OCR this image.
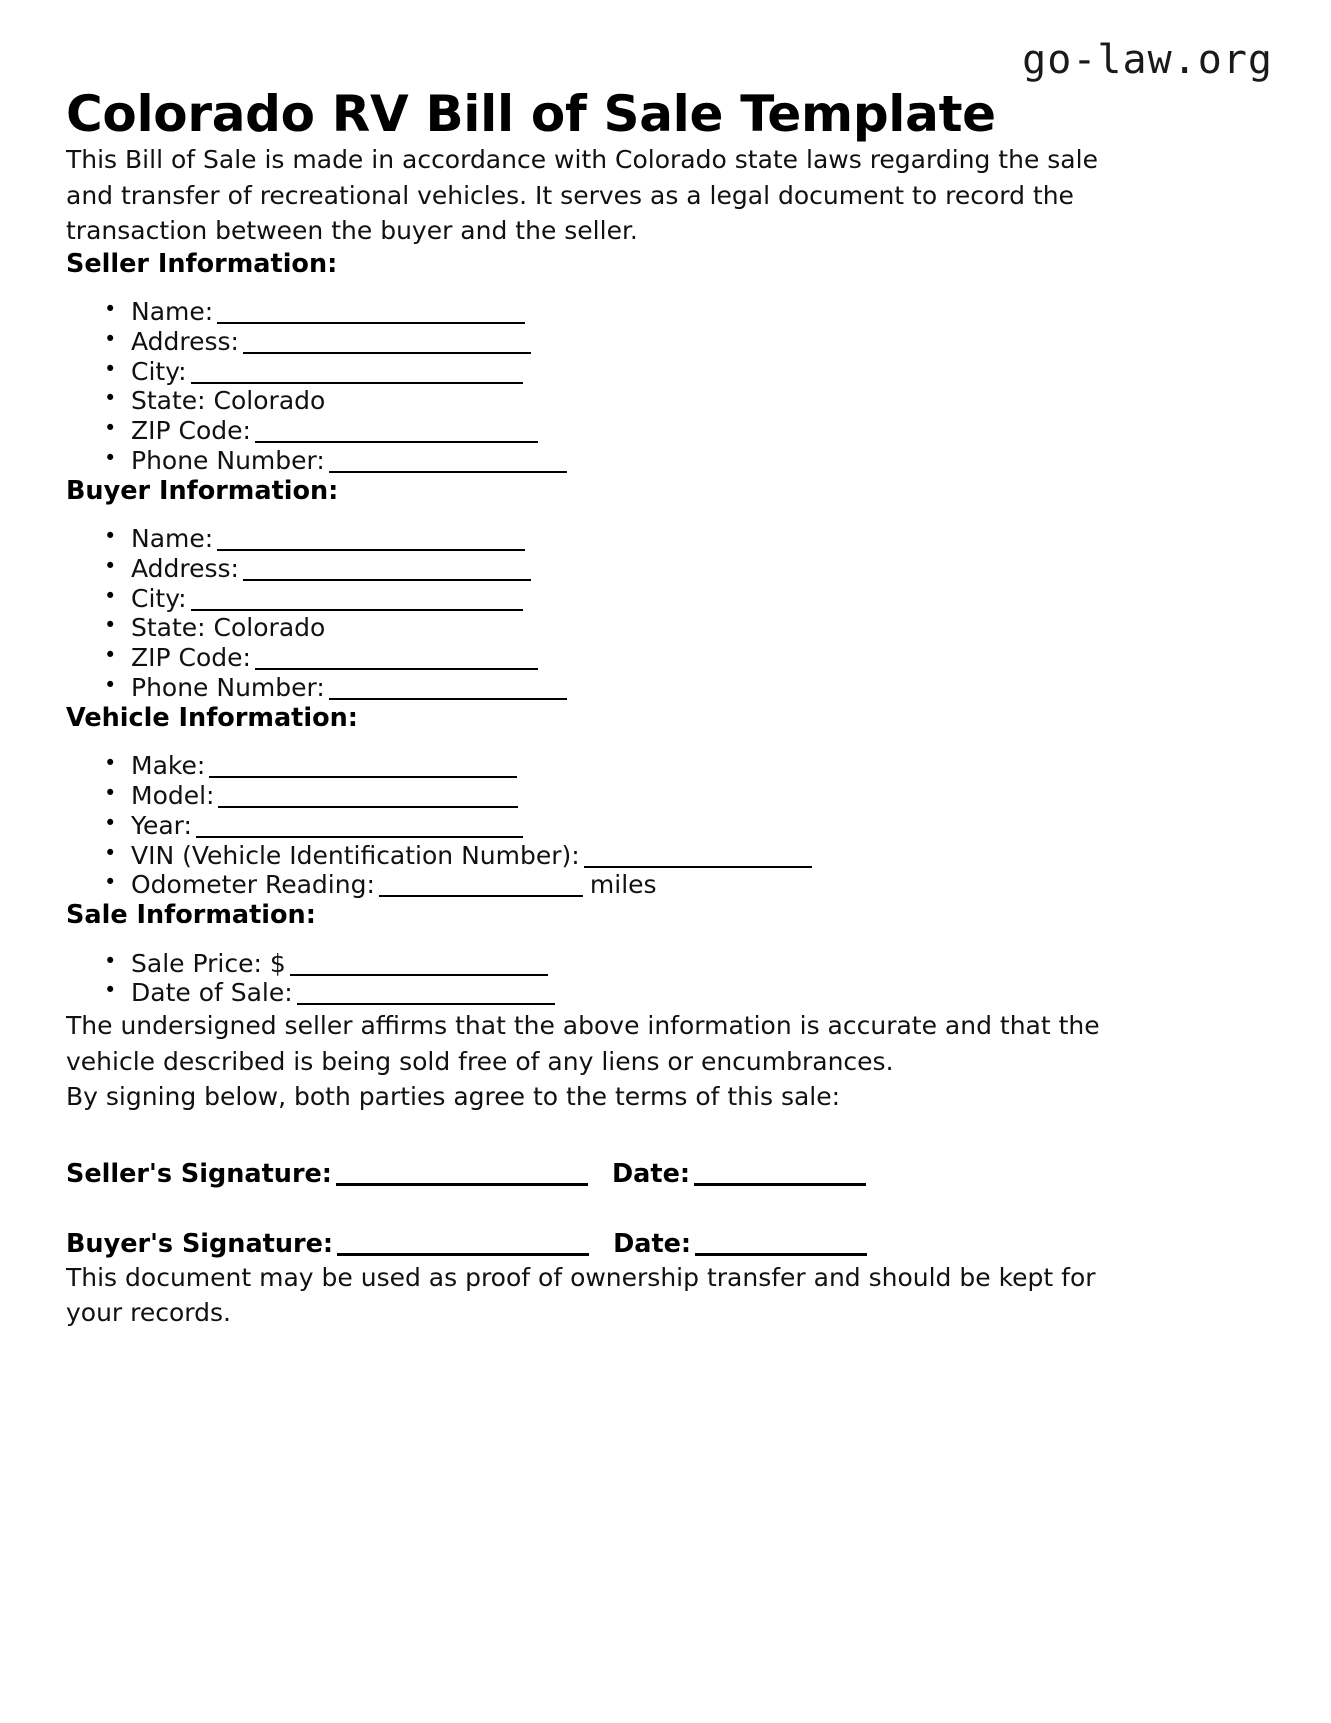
go-law.org
Colorado RV Bill of Sale Template

This Bill of Sale is made in accordance with Colorado state laws regarding the sale and transfer of recreational vehicles. It serves as a legal document to record the transaction between the buyer and the seller.

Seller Information:
• Name:
• Address:
• City:
• State: Colorado
• ZIP Code:
• Phone Number:
Buyer Information:
• Name:
• Address:
• City:
• State: Colorado
• ZIP Code:
• Phone Number:
Vehicle Information:
• Make:
• Model:
• Year:
• VIN (Vehicle Identification Number):
• Odometer Reading:	miles
Sale Information:
• Sale Price: $
• Date of Sale:

The undersigned seller affirms that the above information is accurate and that the vehicle described is being sold free of any liens or encumbrances.

By signing below, both parties agree to the terms of this sale:

Seller's Signature:	Date:
Buyer's Signature:	Date:

This document may be used as proof of ownership transfer and should be kept for your records.
